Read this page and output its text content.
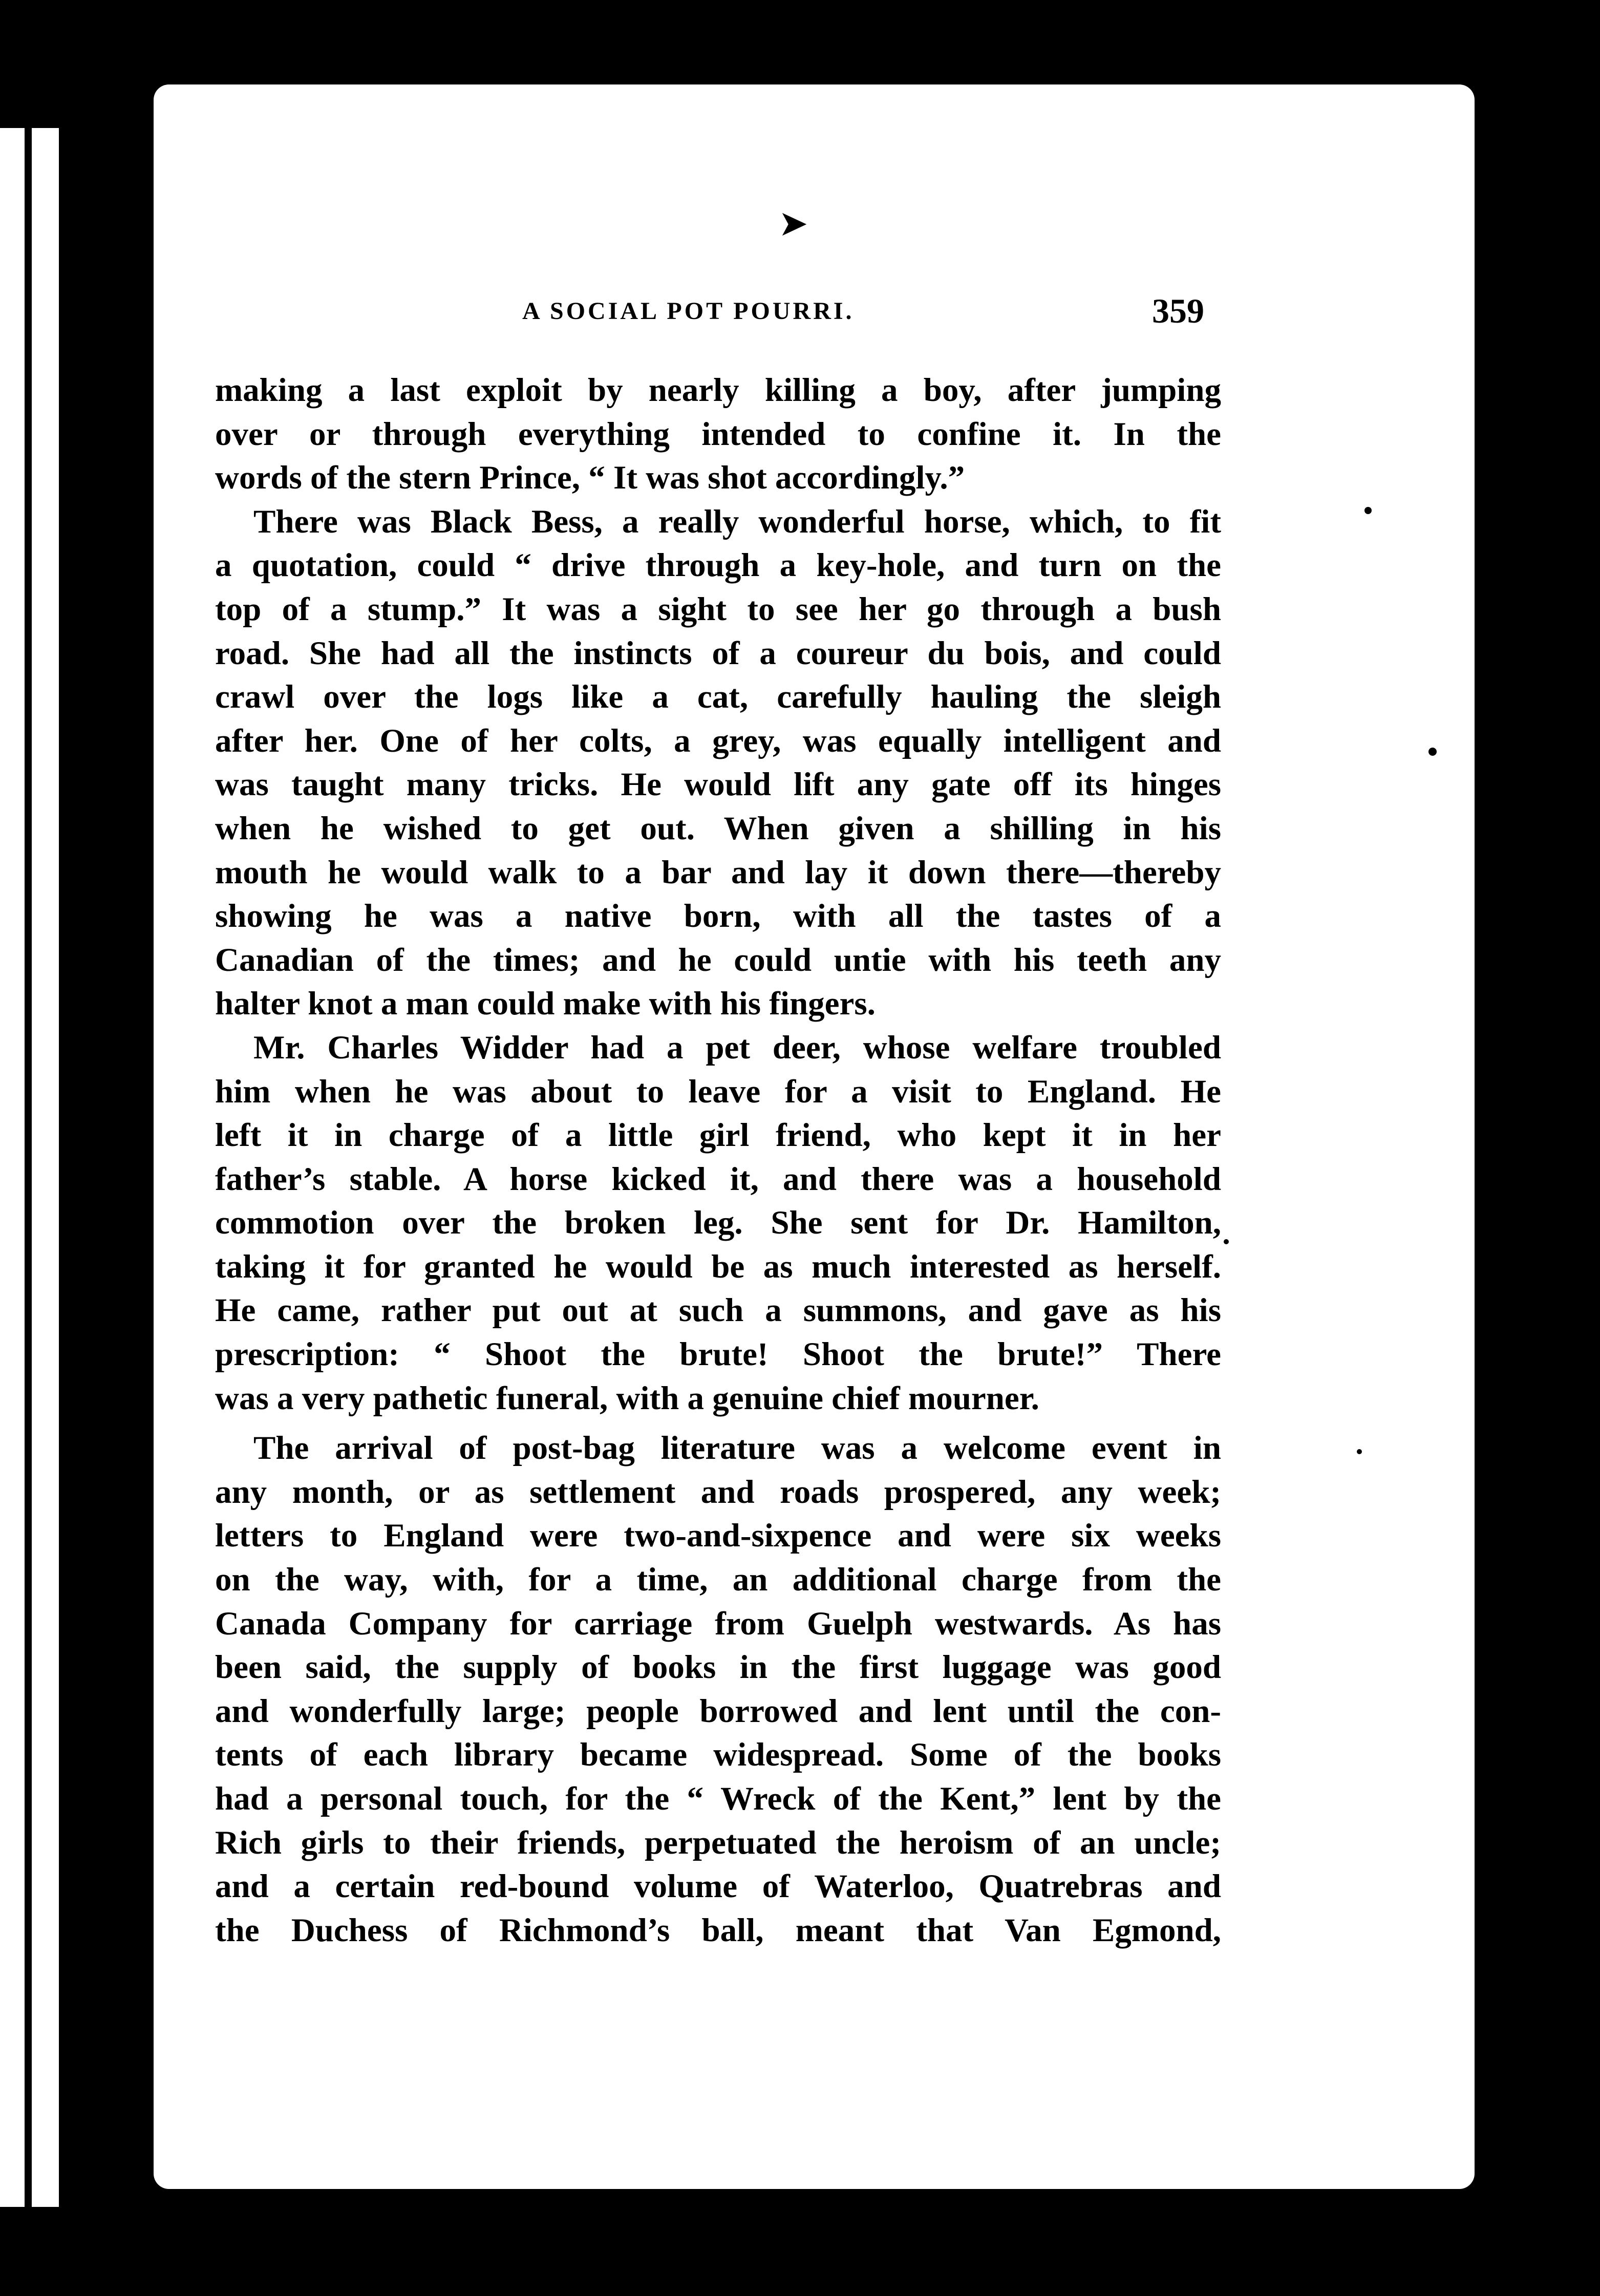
➤
A SOCIAL POT POURRI.	359
making a last exploit by nearly killing a boy, after jumping
over or through everything intended to confine it. In the
words of the stern Prince, “ It was shot accordingly.”
There was Black Bess, a really wonderful horse, which, to fit
a quotation, could “ drive through a key-hole, and turn on the
top of a stump.” It was a sight to see her go through a bush
road. She had all the instincts of a coureur du bois, and could
crawl over the logs like a cat, carefully hauling the sleigh
after her. One of her colts, a grey, was equally intelligent and
was taught many tricks. He would lift any gate off its hinges
when he wished to get out. When given a shilling in his
mouth he would walk to a bar and lay it down there—thereby
showing he was a native born, with all the tastes of a
Canadian of the times; and he could untie with his teeth any
halter knot a man could make with his fingers.
Mr. Charles Widder had a pet deer, whose welfare troubled
him when he was about to leave for a visit to England. He
left it in charge of a little girl friend, who kept it in her
father’s stable. A horse kicked it, and there was a household
commotion over the broken leg. She sent for Dr. Hamilton,
taking it for granted he would be as much interested as herself.
He came, rather put out at such a summons, and gave as his
prescription: “ Shoot the brute! Shoot the brute!” There
was a very pathetic funeral, with a genuine chief mourner.
The arrival of post-bag literature was a welcome event in
any month, or as settlement and roads prospered, any week;
letters to England were two-and-sixpence and were six weeks
on the way, with, for a time, an additional charge from the
Canada Company for carriage from Guelph westwards. As has
been said, the supply of books in the first luggage was good
and wonderfully large; people borrowed and lent until the con-
tents of each library became widespread. Some of the books
had a personal touch, for the “ Wreck of the Kent,” lent by the
Rich girls to their friends, perpetuated the heroism of an uncle;
and a certain red-bound volume of Waterloo, Quatrebras and
the Duchess of Richmond’s ball, meant that Van Egmond,
